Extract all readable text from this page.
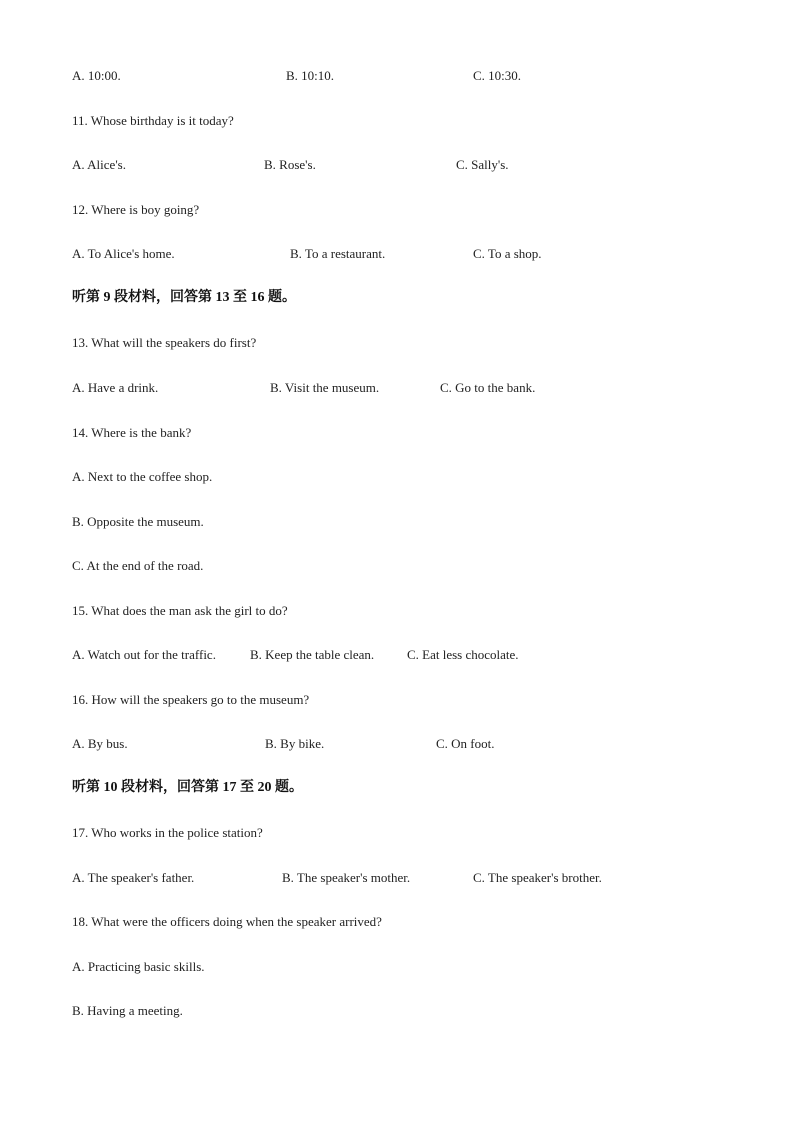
A. 10:00.	B. 10:10.	C. 10:30.
11. Whose birthday is it today?
A. Alice's.	B. Rose's.	C. Sally's.
12. Where is boy going?
A. To Alice's home.	B. To a restaurant.	C. To a shop.
听第 9 段材料，回答第 13 至 16 题。
13. What will the speakers do first?
A. Have a drink.	B. Visit the museum.	C. Go to the bank.
14. Where is the bank?
A. Next to the coffee shop.
B. Opposite the museum.
C. At the end of the road.
15. What does the man ask the girl to do?
A. Watch out for the traffic.	B. Keep the table clean.	C. Eat less chocolate.
16. How will the speakers go to the museum?
A. By bus.	B. By bike.	C. On foot.
听第 10 段材料，回答第 17 至 20 题。
17. Who works in the police station?
A. The speaker's father.	B. The speaker's mother.	C. The speaker's brother.
18. What were the officers doing when the speaker arrived?
A. Practicing basic skills.
B. Having a meeting.
